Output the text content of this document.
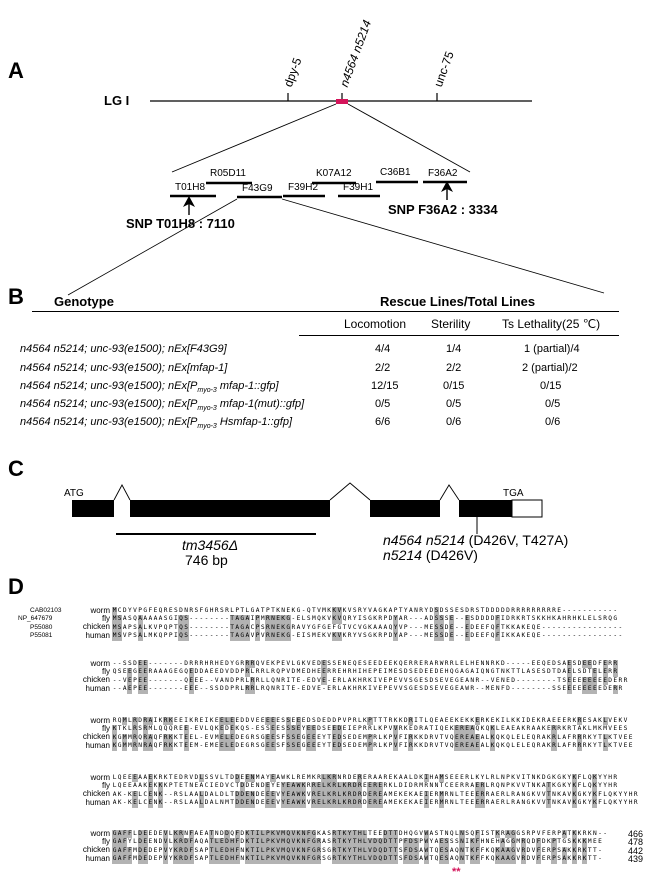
A
LG I
dpy-5	n4564 n5214	unc-75
R05D11	K07A12	C36B1
T01H8	F43G9 F39H2 F39H1
F36A2
SNP T01H8 : 7110
SNP F36A2 : 3334
B Genotype	Rescue Lines/Total Lines
Locomotion Sterility	Ts Lethality(25 ℃)
n4564 n5214; unc-93(e1500); nEx[F43G9]	4/4	1/4	1 (partial)/4
n4564 n5214; unc-93(e1500); nEx[mfap-1]	2/2	2/2	2 (partial)/2
n4564 n5214; unc-93(e1500); $nEx[P_{myo-3}$ mfap-1::gfp]	12/15	0/15	0/15
n4564 n5214; unc-93(e1500); $nEx[P_{myo-3}$ mfap-1(mut)::gfp]	0/5	0/5	0/5
n4564 n5214; unc-93(e1500); $nEx[P_{myo-3}$ Hsmfap-1::gfp]	6/6	0/6	0/6
C
ATG	TGA
tm3456Δ
746 bp
n4564 n5214 (D426V, T427A)
n5214 (D426V)
D
CAB02103
NP_647679
P55080
P55081
worm MCDYVPGFEQRESDNRSFGHRSRLPTLGATPTKNEKG-QTVMKKVKVSRYVAGKAPTYANRYDSDSSESDRSTDDDDDRRRRRRRRRE-----------
fly MSASQAAAAASGIQS--------TAGAIPMRNEKG-ELSMQKVKVQRYISGKRPDYAR---ADSSSE--ESDDDDFIDRKRTSKKHKAHRHKLELSRQG
chicken MSAPSALKVPQPTQS--------TAGACPSRNEKGRAVYGFGEFGTVCVGKAAAQYVP---MESSDE--EDEEFQFTKKAKEQE----------------
human MSVPSALMKQPPIQS--------TAGAVPVRNEKG-EISMEKVKVKRYVSGKRPDYAP---MESSDE--EDEEFQFIKKAKEQE----------------
worm --SSDEE-------DRRRHRHEDYGRRRQVEKPEVLGKVEDESSENEQESEEDEEKQERRERARWRRLELHENNRKD-----EEQEDSAESDEEDFERR
fly QSEEGEERAAAGEGQEDDAEEDVDDPRLRRLRQPVDMEDHEERREHRHIHEPEIMESDSEDEEDEHQGAGAIQNGTNKTTLASESDTDAELSDTELERR
chicken --VEPEE-------QEEE--VANDPRLRRLLQNRITE-EDVE-ERLAKHRKIVEPEVVSGESDSEVEGEANR--VENED--------TSEEEEEEEEDERR
human --AEPEE-------EEE--SSDDPRLRRLRQNRITE-EDVE-ERLAKHRKIVEPEVVSGESDSEVEGEAWR--MENFD--------SSEEEEEEEEDERR
worm RQMLRDRAIKRKEEIKREIKEELEEDDVEEEEESSEEEDSDEDDPVPRLKPTTTRKKDRITLQEAEEKEKKERKEKILKKIDEKRAEEERKRESAKLVEKV
fly KTKLRSRMLQQQREE-EVLQKEDEKQS-ESSEESSSEYEEDSEEDEIEPRRLKPVVRKEDRATIQEKEREAQKQKLEAEAKRAAKERRKRTAKLMKMVEES
chicken KGMMRQRAQFRKKTEEL-EVMELEDEGRSGEESFSSEGEEEYTEDSEDEMPRLKPVFIRKKDRVTVQEREAEALKQKQLELEQRAKRLAFRRRKYTLKTVEE
human KGMMRNRAQFRKKTEEM-EMEELEDEGRSGEESFSSEGEEEYTEDSEDEMPRLKPVFIRKKDRVTVQEREAEALKQKQLELEQRAKRLAFRRRKYTLKTVEE
worm LQEEEAAEKRKTEDRVDLSSVLTDDEENMAYEAWKLREMKRLKRNRDERERAAREKAALDKIHAMSEEERLKYLRLNPKVITNKDGKGKYKFLQKYYHR
fly LQEEAAKEKKKPTETNEACIEDVCTDDENDEYEYEAWKRRELKRLKRDREERERKLDIDRMRNNTCEERRAERLRQNPKVVTNKATKGKYKFLQKYYHR
chicken AK-KELCENK--RSLAALDALDLTDDENDEEEVYEAWKVRELKRLKRDRDEREAMEKEKAEIERMRNLTEEERRAERLRANGKVVTNKAVKGKYKFLQKYYHR
human AK-KELCENK--RSLAALDALNMTDDENDEEEVYEAWKVRELKRLKRDRDEREAMEKEKAEIERMRNLTEEERRAERLRANGKVVTNKAVKGKYKFLQKYYHR
worm GAFFLDEEDEVLKRNFAEATNDDQFDKTILPKVMQVKNFGKASRTKYTHLTEEDTTDHQGVWASTNQLNSQFISTKRAGGSRPVFERPATKKRKN--	466
fly GAFYLDEENDVLKRDFAQATLEDHFDKTILPKVMQVKNFGRASRTKYTHLVDQDTTPFDSPWYAESSSNIKFHNEHAGGMRQDFDKPTGSKKKMEE	478
chicken GAFFMDEDEPVYKRDFSAPTLEDHFNKTILPKVMQVKNFGRSGRTKYTHLVDQDTTSFDSAWTQESAQNTKFFKQKAAGVRDVFERPSAKKRKTT-	442
human GAFFMDEDEPVYKRDFSAPTLEDHFNKTILPKVMQVKNFGRSGRTKYTHLVDQDTTSFDSAWTQESAQNTKFFKQKAAGVRDVFERPSAKKRKTT-	439
**
